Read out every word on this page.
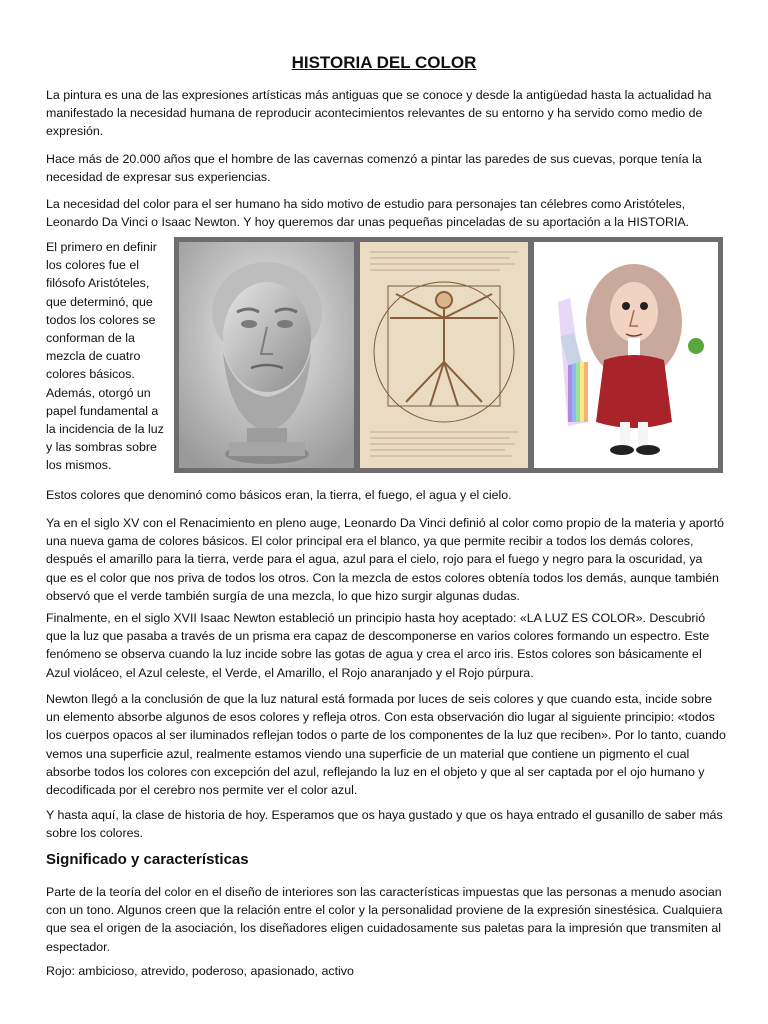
HISTORIA DEL COLOR

La pintura es una de las expresiones artísticas más antiguas que se conoce y desde la antigüedad hasta la actualidad ha manifestado la necesidad humana de reproducir acontecimientos relevantes de su entorno y ha servido como medio de expresión.

Hace más de 20.000 años que el hombre de las cavernas comenzó a pintar las paredes de sus cuevas, porque tenía la necesidad de expresar sus experiencias.

La necesidad del color para el ser humano ha sido motivo de estudio para personajes tan célebres como Aristóteles, Leonardo Da Vinci o Isaac Newton. Y hoy queremos dar unas pequeñas pinceladas de su aportación a la HISTORIA.

El primero en definir los colores fue el filósofo Aristóteles, que determinó, que todos los colores se conforman de la mezcla de cuatro colores básicos. Además, otorgó un papel fundamental a la incidencia de la luz y las sombras sobre los mismos.

Estos colores que denominó como básicos eran, la tierra, el fuego, el agua y el cielo.

Ya en el siglo XV con el Renacimiento en pleno auge, Leonardo Da Vinci definió al color como propio de la materia y aportó una nueva gama de colores básicos. El color principal era el blanco, ya que permite recibir a todos los demás colores, después el amarillo para la tierra, verde para el agua, azul para el cielo, rojo para el fuego y negro para la oscuridad, ya que es el color que nos priva de todos los otros. Con la mezcla de estos colores obtenía todos los demás, aunque también observó que el verde también surgía de una mezcla, lo que hizo surgir algunas dudas.

Finalmente, en el siglo XVII Isaac Newton estableció un principio hasta hoy aceptado: «LA LUZ ES COLOR». Descubrió que la luz que pasaba a través de un prisma era capaz de descomponerse en varios colores formando un espectro. Este fenómeno se observa cuando la luz incide sobre las gotas de agua y crea el arco iris. Estos colores son básicamente el Azul violáceo, el Azul celeste, el Verde, el Amarillo, el Rojo anaranjado y el Rojo púrpura.

Newton llegó a la conclusión de que la luz natural está formada por luces de seis colores y que cuando esta, incide sobre un elemento absorbe algunos de esos colores y refleja otros. Con esta observación dio lugar al siguiente principio: «todos los cuerpos opacos al ser iluminados reflejan todos o parte de los componentes de la luz que reciben». Por lo tanto, cuando vemos una superficie azul, realmente estamos viendo una superficie de un material que contiene un pigmento el cual absorbe todos los colores con excepción del azul, reflejando la luz en el objeto y que al ser captada por el ojo humano y decodificada por el cerebro nos permite ver el color azul.

Y hasta aquí, la clase de historia de hoy. Esperamos que os haya gustado y que os haya entrado el gusanillo de saber más sobre los colores.

Significado y características

Parte de la teoría del color en el diseño de interiores son las características impuestas que las personas a menudo asocian con un tono. Algunos creen que la relación entre el color y la personalidad proviene de la expresión sinestésica. Cualquiera que sea el origen de la asociación, los diseñadores eligen cuidadosamente sus paletas para la impresión que transmiten al espectador.

Rojo: ambicioso, atrevido, poderoso, apasionado, activo
